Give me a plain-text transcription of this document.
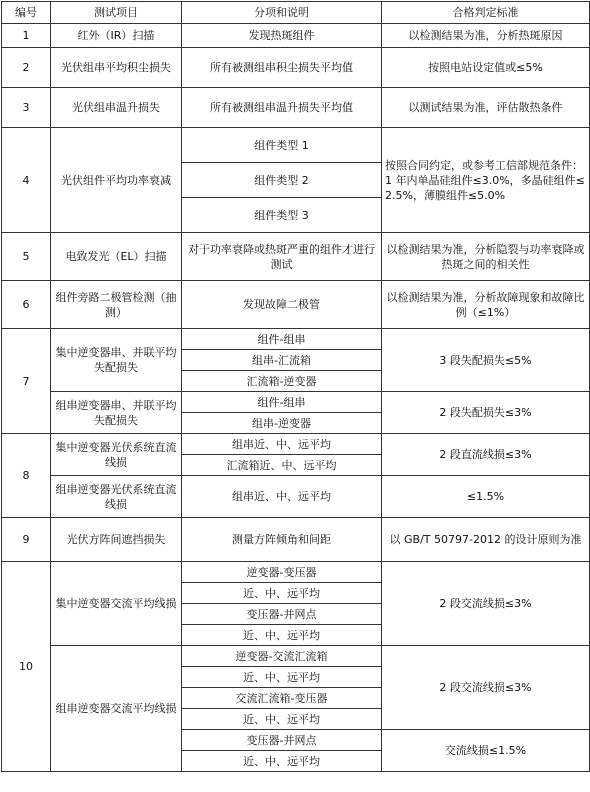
编号	测试项目	分项和说明	合格判定标准
1	红外（IR）扫描	发现热斑组件	以检测结果为准，分析热斑原因
2	光伏组串平均积尘损失	所有被测组串积尘损失平均值	按照电站设定值或≤5%
3	光伏组串温升损失	所有被测组串温升损失平均值	以测试结果为准，评估散热条件
4	光伏组件平均功率衰减	组件类型 1	按照合同约定，或参考工信部规范条件： 1 年内单晶硅组件≤3.0%，多晶硅组件≤2.5%，薄膜组件≤5.0%
		组件类型 2	
		组件类型 3	
5	电致发光（EL）扫描	对于功率衰降或热斑严重的组件才进行测试	以检测结果为准，分析隐裂与功率衰降或热斑之间的相关性
6	组件旁路二极管检测（抽测）	发现故障二极管	以检测结果为准，分析故障现象和故障比例（≤1%）
7	集中逆变器串、并联平均失配损失	组件-组串	3 段失配损失≤5%
		组串-汇流箱	
		汇流箱-逆变器	
	组串逆变器串、并联平均失配损失	组件-组串	2 段失配损失≤3%
		组串-逆变器	
8	集中逆变器光伏系统直流线损	组串近、中、远平均	2 段直流线损≤3%
		汇流箱近、中、远平均	
	组串逆变器光伏系统直流线损	组串近、中、远平均	≤1.5%
9	光伏方阵间遮挡损失	测量方阵倾角和间距	以 GB/T 50797-2012 的设计原则为准
10	集中逆变器交流平均线损	逆变器-变压器	2 段交流线损≤3%
		近、中、远平均	
		变压器-并网点	
		近、中、远平均	
	组串逆变器交流平均线损	逆变器-交流汇流箱	2 段交流线损≤3%
		近、中、远平均	
		交流汇流箱-变压器	
		近、中、远平均	
		变压器-并网点	交流线损≤1.5%
		近、中、远平均	
